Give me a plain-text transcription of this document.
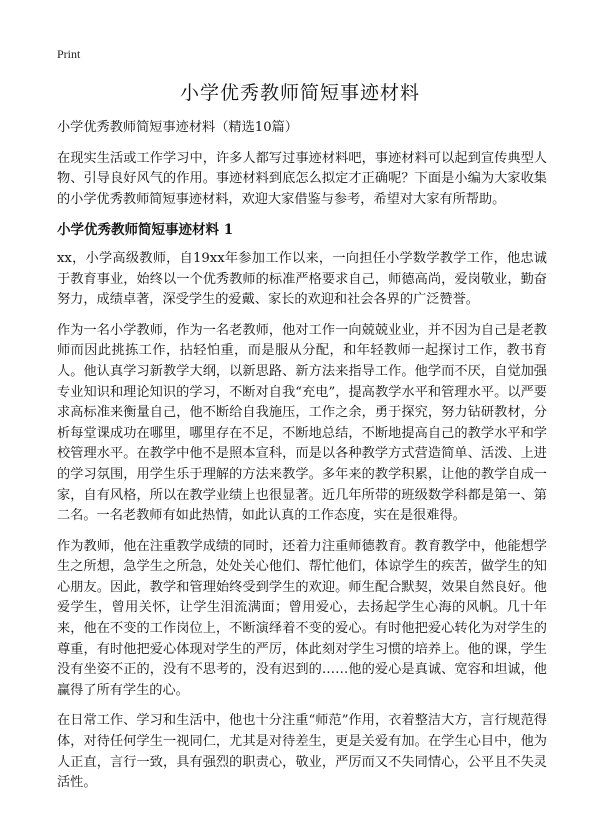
Print
小学优秀教师简短事迹材料

小学优秀教师简短事迹材料（精选10篇）

在现实生活或工作学习中，许多人都写过事迹材料吧，事迹材料可以起到宣传典型人物、引导良好风气的作用。事迹材料到底怎么拟定才正确呢？下面是小编为大家收集的小学优秀教师简短事迹材料，欢迎大家借鉴与参考，希望对大家有所帮助。

小学优秀教师简短事迹材料 1

xx，小学高级教师，自19xx年参加工作以来，一向担任小学数学教学工作，他忠诚于教育事业，始终以一个优秀教师的标准严格要求自己，师德高尚，爱岗敬业，勤奋努力，成绩卓著，深受学生的爱戴、家长的欢迎和社会各界的广泛赞誉。

作为一名小学教师，作为一名老教师，他对工作一向兢兢业业，并不因为自己是老教师而因此挑拣工作，拈轻怕重，而是服从分配，和年轻教师一起探讨工作，教书育人。他认真学习新教学大纲，以新思路、新方法来指导工作。他学而不厌，自觉加强专业知识和理论知识的学习，不断对自我“充电”，提高教学水平和管理水平。以严要求高标准来衡量自己，他不断给自我施压，工作之余，勇于探究，努力钻研教材，分析每堂课成功在哪里，哪里存在不足，不断地总结，不断地提高自己的教学水平和学校管理水平。在教学中他不是照本宣科，而是以各种教学方式营造简单、活泼、上进的学习氛围，用学生乐于理解的方法来教学。多年来的教学积累，让他的教学自成一家，自有风格，所以在教学业绩上也很显著。近几年所带的班级数学科都是第一、第二名。一名老教师有如此热情，如此认真的工作态度，实在是很难得。

作为教师，他在注重教学成绩的同时，还着力注重师德教育。教育教学中，他能想学生之所想，急学生之所急，处处关心他们、帮忙他们，体谅学生的疾苦，做学生的知心朋友。因此，教学和管理始终受到学生的欢迎。师生配合默契，效果自然良好。他爱学生，曾用关怀，让学生泪流满面；曾用爱心，去扬起学生心海的风帆。几十年来，他在不变的工作岗位上，不断演绎着不变的爱心。有时他把爱心转化为对学生的尊重，有时他把爱心体现对学生的严厉，体此刻对学生习惯的培养上。他的课，学生没有坐姿不正的，没有不思考的，没有迟到的……他的爱心是真诚、宽容和坦诚，他赢得了所有学生的心。

在日常工作、学习和生活中，他也十分注重“师范”作用，衣着整洁大方，言行规范得体，对待任何学生一视同仁，尤其是对待差生，更是关爱有加。在学生心目中，他为人正直，言行一致，具有强烈的职责心，敬业，严厉而又不失同情心，公平且不失灵活性。
